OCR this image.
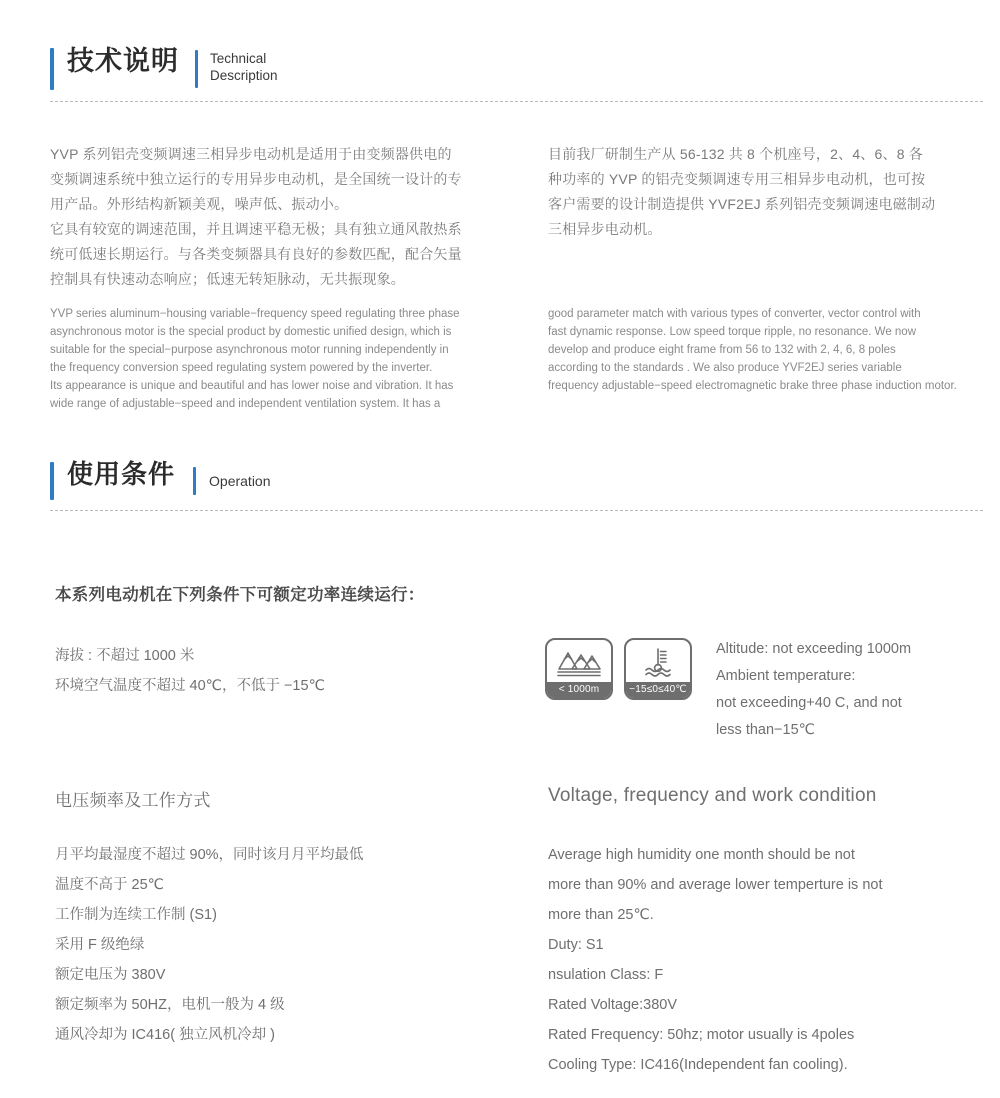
技术说明 Technical
Description

YVP 系列铝壳变频调速三相异步电动机是适用于由变频器供电的

变频调速系统中独立运行的专用异步电动机，是全国统一设计的专

用产品。外形结构新颖美观，噪声低、振动小。

它具有较宽的调速范围，并且调速平稳无极；具有独立通风散热系

统可低速长期运行。与各类变频器具有良好的参数匹配，配合矢量

控制具有快速动态响应；低速无转矩脉动，无共振现象。

目前我厂研制生产从 56-132 共 8 个机座号，2、4、6、8 各

种功率的 YVP 的铝壳变频调速专用三相异步电动机，也可按

客户需要的设计制造提供 YVF2EJ 系列铝壳变频调速电磁制动

三相异步电动机。

YVP series aluminum−housing variable−frequency speed regulating three phase

asynchronous motor is the special product by domestic unified design, which is

suitable for the special−purpose asynchronous motor running independently in

the frequency conversion speed regulating system powered by the inverter.

Its appearance is unique and beautiful and has lower noise and vibration. It has

wide range of adjustable−speed and independent ventilation system. It has a

good parameter match with various types of converter, vector control with

fast dynamic response. Low speed torque ripple, no resonance. We now

develop and produce eight frame from 56 to 132 with 2, 4, 6, 8 poles

according to the standards . We also produce YVF2EJ series variable

frequency adjustable−speed electromagnetic brake three phase induction motor.

使用条件 Operation
本系列电动机在下列条件下可额定功率连续运行：

海拔 : 不超过 1000 米

环境空气温度不超过 40℃，不低于 −15℃	< 1000m	−15≤0≤40℃

Altitude: not exceeding 1000m

Ambient temperature:

not exceeding+40 C, and not

less than−15℃

电压频率及工作方式	Voltage, frequency and work condition

月平均最湿度不超过 90%，同时该月月平均最低

温度不高于 25℃

工作制为连续工作制 (S1)

采用 F 级绝绿

额定电压为 380V

额定频率为 50HZ，电机一般为 4 级

通风冷却为 IC416( 独立风机冷却 )

Average high humidity one month should be not

more than 90% and average lower temperture is not

more than 25℃.

Duty: S1

nsulation Class: F

Rated Voltage:380V

Rated Frequency: 50hz; motor usually is 4poles

Cooling Type: IC416(Independent fan cooling).
